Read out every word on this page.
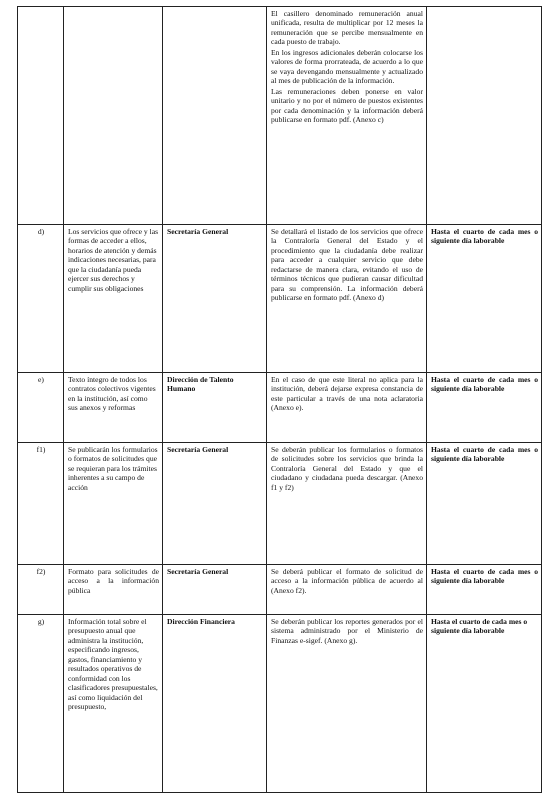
			El casillero denominado remuneración anual unificada, resulta de multiplicar por 12 meses la remuneración que se percibe mensualmente en cada puesto de trabajo.
En los ingresos adicionales deberán colocarse los valores de forma prorrateada, de acuerdo a lo que se vaya devengando mensualmente y actualizado al mes de publicación de la información.
Las remuneraciones deben ponerse en valor unitario y no por el número de puestos existentes por cada denominación y la información deberá publicarse en formato pdf. (Anexo c)	

d)	Los servicios que ofrece y las formas de acceder a ellos, horarios de atención y demás indicaciones necesarias, para que la ciudadanía pueda ejercer sus derechos y cumplir sus obligaciones	Secretaría General	Se detallará el listado de los servicios que ofrece la Contraloría General del Estado y el procedimiento que la ciudadanía debe realizar para acceder a cualquier servicio que debe redactarse de manera clara, evitando el uso de términos técnicos que pudieran causar dificultad para su comprensión. La información deberá publicarse en formato pdf. (Anexo d)	Hasta el cuarto de cada mes o siguiente día laborable
e)	Texto íntegro de todos los contratos colectivos vigentes en la institución, así como sus anexos y reformas	Dirección de Talento Humano	En el caso de que este literal no aplica para la institución, deberá dejarse expresa constancia de este particular a través de una nota aclaratoria (Anexo e).	Hasta el cuarto de cada mes o siguiente día laborable
f1)	Se publicarán los formularios o formatos de solicitudes que se requieran para los trámites inherentes a su campo de acción	Secretaría General	Se deberán publicar los formularios o formatos de solicitudes sobre los servicios que brinda la Contraloría General del Estado y que el ciudadano y ciudadana pueda descargar. (Anexo f1 y f2)	Hasta el cuarto de cada mes o siguiente día laborable
f2)	Formato para solicitudes de acceso a la información pública	Secretaría General	Se deberá publicar el formato de solicitud de acceso a la información pública de acuerdo al (Anexo f2).	Hasta el cuarto de cada mes o siguiente día laborable
g)	Información total sobre el presupuesto anual que administra la institución, especificando ingresos, gastos, financiamiento y resultados operativos de conformidad con los clasificadores presupuestales, así como liquidación del presupuesto,	Dirección Financiera	Se deberán publicar los reportes generados por el sistema administrado por el Ministerio de Finanzas e-sigef. (Anexo g).	Hasta el cuarto de cada mes o siguiente día laborable
